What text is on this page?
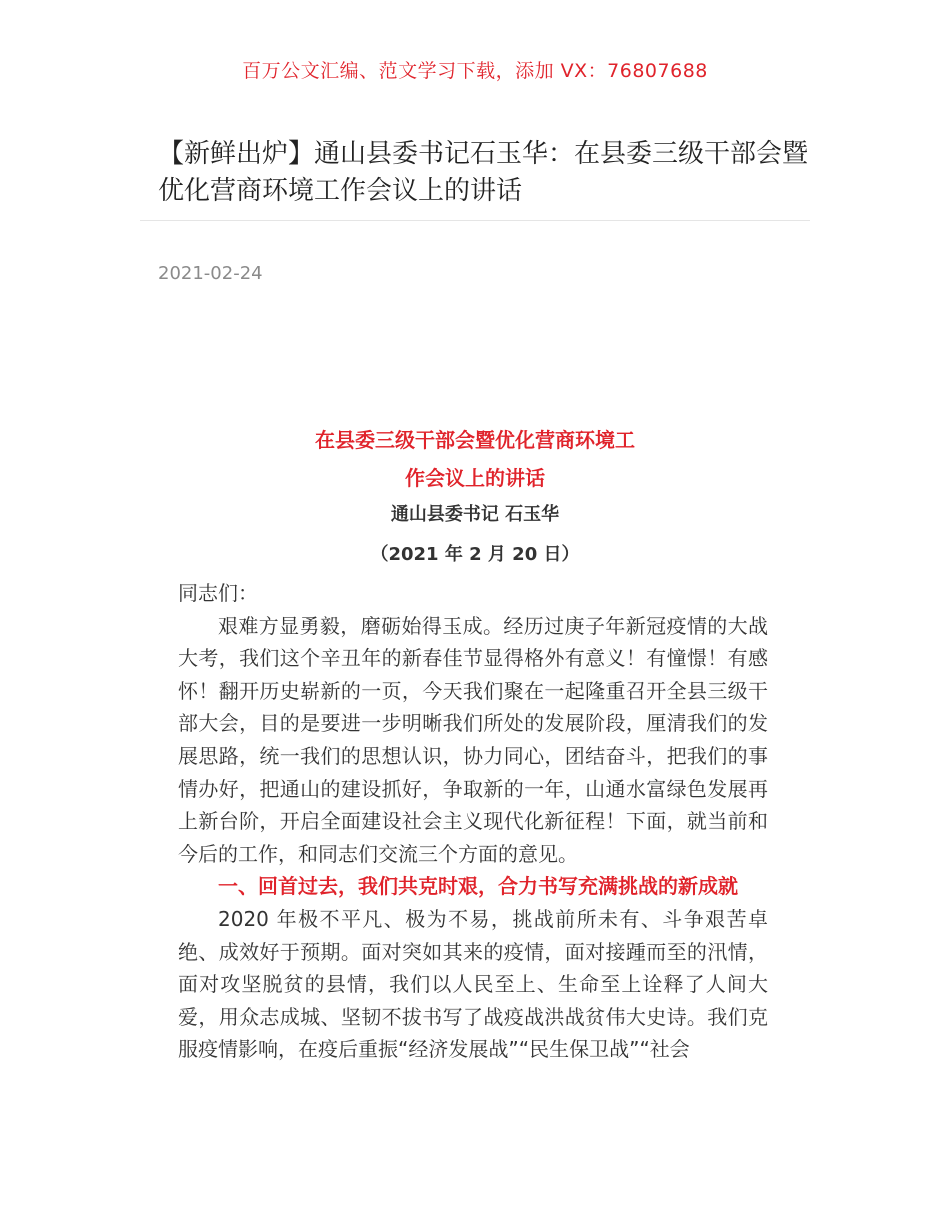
百万公文汇编、范文学习下载，添加 VX：76807688
【新鲜出炉】通山县委书记石玉华：在县委三级干部会暨优化营商环境工作会议上的讲话
2021-02-24
在县委三级干部会暨优化营商环境工
作会议上的讲话
通山县委书记 石玉华
（2021 年 2 月 20 日）

同志们：

艰难方显勇毅，磨砺始得玉成。经历过庚子年新冠疫情的大战大考，我们这个辛丑年的新春佳节显得格外有意义！有憧憬！有感怀！翻开历史崭新的一页，今天我们聚在一起隆重召开全县三级干部大会，目的是要进一步明晰我们所处的发展阶段，厘清我们的发展思路，统一我们的思想认识，协力同心，团结奋斗，把我们的事情办好，把通山的建设抓好，争取新的一年，山通水富绿色发展再上新台阶，开启全面建设社会主义现代化新征程！下面，就当前和今后的工作，和同志们交流三个方面的意见。

一、回首过去，我们共克时艰，合力书写充满挑战的新成就

2020 年极不平凡、极为不易，挑战前所未有、斗争艰苦卓绝、成效好于预期。面对突如其来的疫情，面对接踵而至的汛情，面对攻坚脱贫的县情，我们以人民至上、生命至上诠释了人间大爱，用众志成城、坚韧不拔书写了战疫战洪战贫伟大史诗。我们克服疫情影响，在疫后重振“经济发展战”“民生保卫战”“社会
